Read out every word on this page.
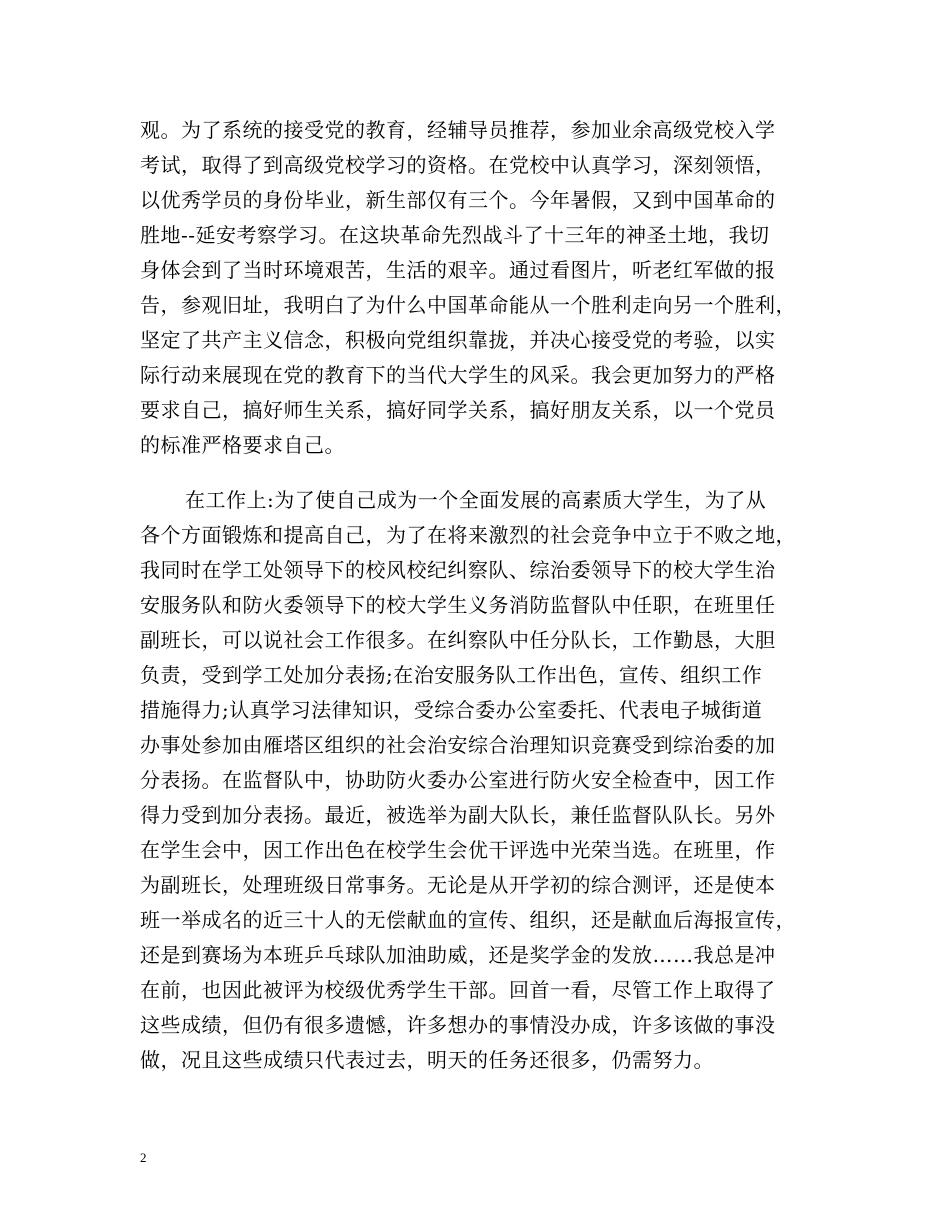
观。为了系统的接受党的教育，经辅导员推荐，参加业余高级党校入学
考试，取得了到高级党校学习的资格。在党校中认真学习，深刻领悟，
以优秀学员的身份毕业，新生部仅有三个。今年暑假，又到中国革命的
胜地--延安考察学习。在这块革命先烈战斗了十三年的神圣土地，我切
身体会到了当时环境艰苦，生活的艰辛。通过看图片，听老红军做的报
告，参观旧址，我明白了为什么中国革命能从一个胜利走向另一个胜利，
坚定了共产主义信念，积极向党组织靠拢，并决心接受党的考验，以实
际行动来展现在党的教育下的当代大学生的风采。我会更加努力的严格
要求自己，搞好师生关系，搞好同学关系，搞好朋友关系，以一个党员
的标准严格要求自己。
在工作上:为了使自己成为一个全面发展的高素质大学生，为了从
各个方面锻炼和提高自己，为了在将来激烈的社会竞争中立于不败之地，
我同时在学工处领导下的校风校纪纠察队、综治委领导下的校大学生治
安服务队和防火委领导下的校大学生义务消防监督队中任职，在班里任
副班长，可以说社会工作很多。在纠察队中任分队长，工作勤恳，大胆
负责，受到学工处加分表扬;在治安服务队工作出色，宣传、组织工作
措施得力;认真学习法律知识，受综合委办公室委托、代表电子城街道
办事处参加由雁塔区组织的社会治安综合治理知识竞赛受到综治委的加
分表扬。在监督队中，协助防火委办公室进行防火安全检查中，因工作
得力受到加分表扬。最近，被选举为副大队长，兼任监督队队长。另外
在学生会中，因工作出色在校学生会优干评选中光荣当选。在班里，作
为副班长，处理班级日常事务。无论是从开学初的综合测评，还是使本
班一举成名的近三十人的无偿献血的宣传、组织，还是献血后海报宣传，
还是到赛场为本班乒乓球队加油助威，还是奖学金的发放……我总是冲
在前，也因此被评为校级优秀学生干部。回首一看，尽管工作上取得了
这些成绩，但仍有很多遗憾，许多想办的事情没办成，许多该做的事没
做，况且这些成绩只代表过去，明天的任务还很多，仍需努力。
2
